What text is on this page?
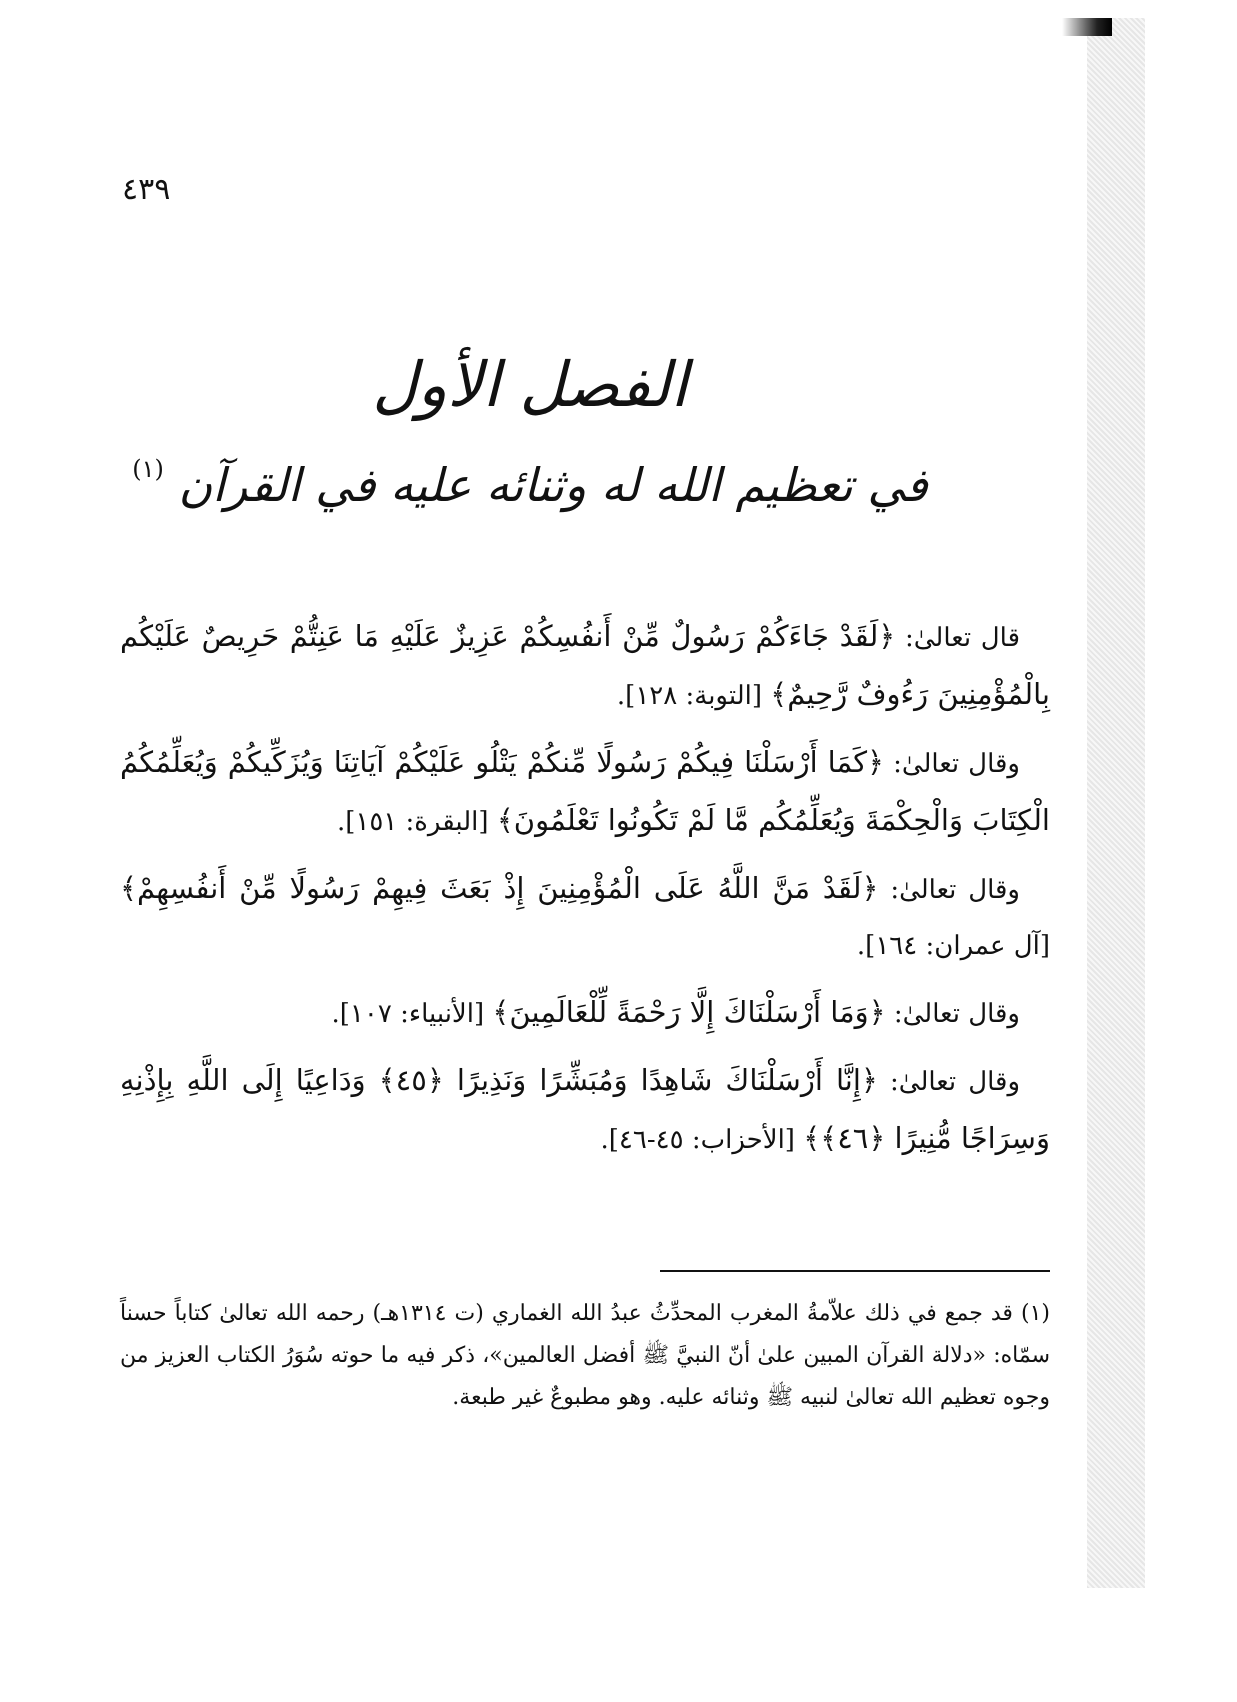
٤٣٩
الفصل الأول
في تعظيم الله له وثنائه عليه في القرآن $^{(١)}$

قال تعالىٰ: ﴿لَقَدْ جَاءَكُمْ رَسُولٌ مِّنْ أَنفُسِكُمْ عَزِيزٌ عَلَيْهِ مَا عَنِتُّمْ حَرِيصٌ عَلَيْكُم بِالْمُؤْمِنِينَ رَءُوفٌ رَّحِيمٌ﴾ [التوبة: ١٢٨].

وقال تعالىٰ: ﴿كَمَا أَرْسَلْنَا فِيكُمْ رَسُولًا مِّنكُمْ يَتْلُو عَلَيْكُمْ آيَاتِنَا وَيُزَكِّيكُمْ وَيُعَلِّمُكُمُ الْكِتَابَ وَالْحِكْمَةَ وَيُعَلِّمُكُم مَّا لَمْ تَكُونُوا تَعْلَمُونَ﴾ [البقرة: ١٥١].

وقال تعالىٰ: ﴿لَقَدْ مَنَّ اللَّهُ عَلَى الْمُؤْمِنِينَ إِذْ بَعَثَ فِيهِمْ رَسُولًا مِّنْ أَنفُسِهِمْ﴾ [آل عمران: ١٦٤].

وقال تعالىٰ: ﴿وَمَا أَرْسَلْنَاكَ إِلَّا رَحْمَةً لِّلْعَالَمِينَ﴾ [الأنبياء: ١٠٧].

وقال تعالىٰ: ﴿إِنَّا أَرْسَلْنَاكَ شَاهِدًا وَمُبَشِّرًا وَنَذِيرًا ﴿٤٥﴾ وَدَاعِيًا إِلَى اللَّهِ بِإِذْنِهِ وَسِرَاجًا مُّنِيرًا ﴿٤٦﴾﴾ [الأحزاب: ٤٥-٤٦].

(١) قد جمع في ذلك علاّمةُ المغرب المحدِّثُ عبدُ الله الغماري (ت ١٣١٤هـ) رحمه الله تعالىٰ كتاباً حسناً سمّاه: «دلالة القرآن المبين علىٰ أنّ النبيَّ ﷺ أفضل العالمين»، ذكر فيه ما حوته سُوَرُ الكتاب العزيز من وجوه تعظيم الله تعالىٰ لنبيه ﷺ وثنائه عليه. وهو مطبوعٌ غير طبعة.
